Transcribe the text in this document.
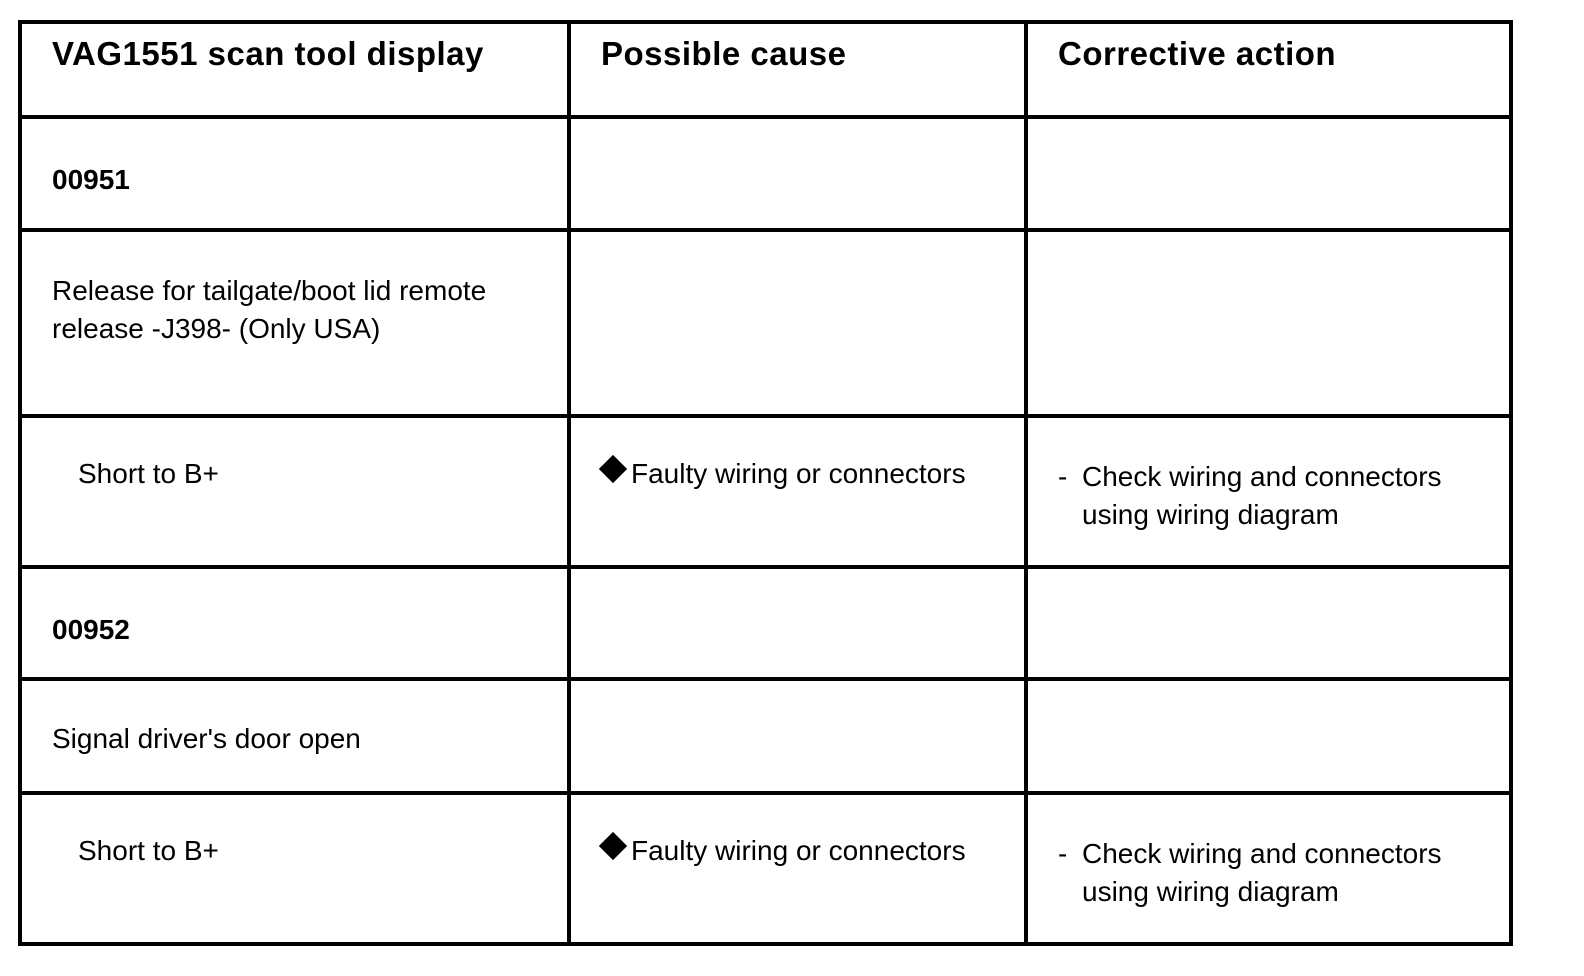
VAG1551 scan tool display	Possible cause	Corrective action

00951		

Release for tailgate/boot lid remote release -J398- (Only USA)		

Short to B+	Faulty wiring or connectors	- Check wiring and connectors using wiring diagram

00952		

Signal driver's door open		

Short to B+	Faulty wiring or connectors	- Check wiring and connectors using wiring diagram
